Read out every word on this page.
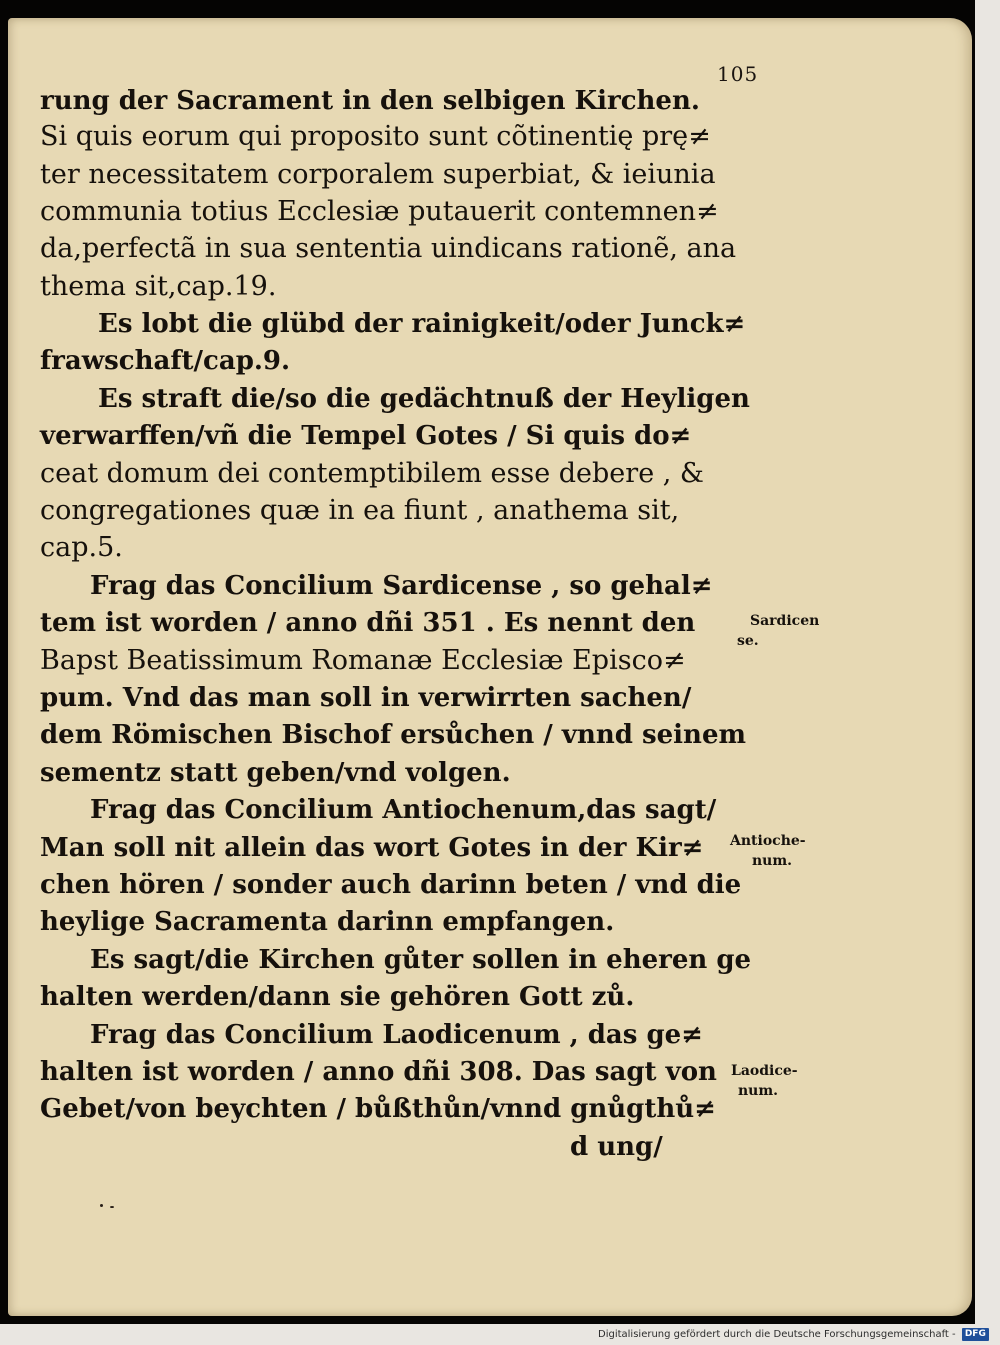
105
rung der Sacrament in den selbigen Kirchen.
Si quis eorum qui proposito sunt cõtinentię prę≠
ter necessitatem corporalem superbiat, & ieiunia
communia totius Ecclesiæ putauerit contemnen≠
da,perfectã in sua sententia uindicans rationẽ, ana
thema sit,cap.19.
Es lobt die glübd der rainigkeit/oder Junck≠
frawschaft/cap.9.
Es straft die/so die gedächtnuß der Heyligen
verwarffen/vñ die Tempel Gotes / Si quis do≠
ceat domum dei contemptibilem esse debere , &
congregationes quæ in ea fiunt , anathema sit,
cap.5.
Frag das Concilium Sardicense , so gehal≠
tem ist worden / anno dñi 351 . Es nennt den
Bapst Beatissimum Romanæ Ecclesiæ Episco≠
pum. Vnd das man soll in verwirrten sachen/
dem Römischen Bischof ersůchen / vnnd seinem
sementz statt geben/vnd volgen.
Frag das Concilium Antiochenum,das sagt/
Man soll nit allein das wort Gotes in der Kir≠
chen hören / sonder auch darinn beten / vnd die
heylige Sacramenta darinn empfangen.
Es sagt/die Kirchen gůter sollen in eheren ge
halten werden/dann sie gehören Gott zů.
Frag das Concilium Laodicenum , das ge≠
halten ist worden / anno dñi 308. Das sagt von
Gebet/von beychten / bůßthůn/vnnd gnůgthů≠
d ung/
Sardicen
se.
Antioche-
num.
Laodice-
num.
Digitalisierung gefördert durch die Deutsche Forschungsgemeinschaft - DFG
